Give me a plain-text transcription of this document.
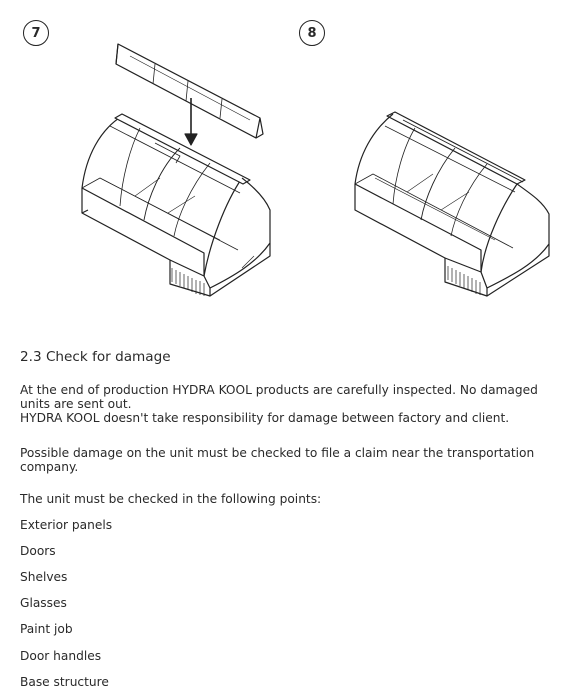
7	8
2.3 Check for damage
At the end of production HYDRA KOOL products are carefully inspected. No damaged
units are sent out.
HYDRA KOOL doesn't take responsibility for damage between factory and client.
Possible damage on the unit must be checked to file a claim near the transportation
company.
The unit must be checked in the following points:
Exterior panels
Doors
Shelves
Glasses
Paint job
Door handles
Base structure
